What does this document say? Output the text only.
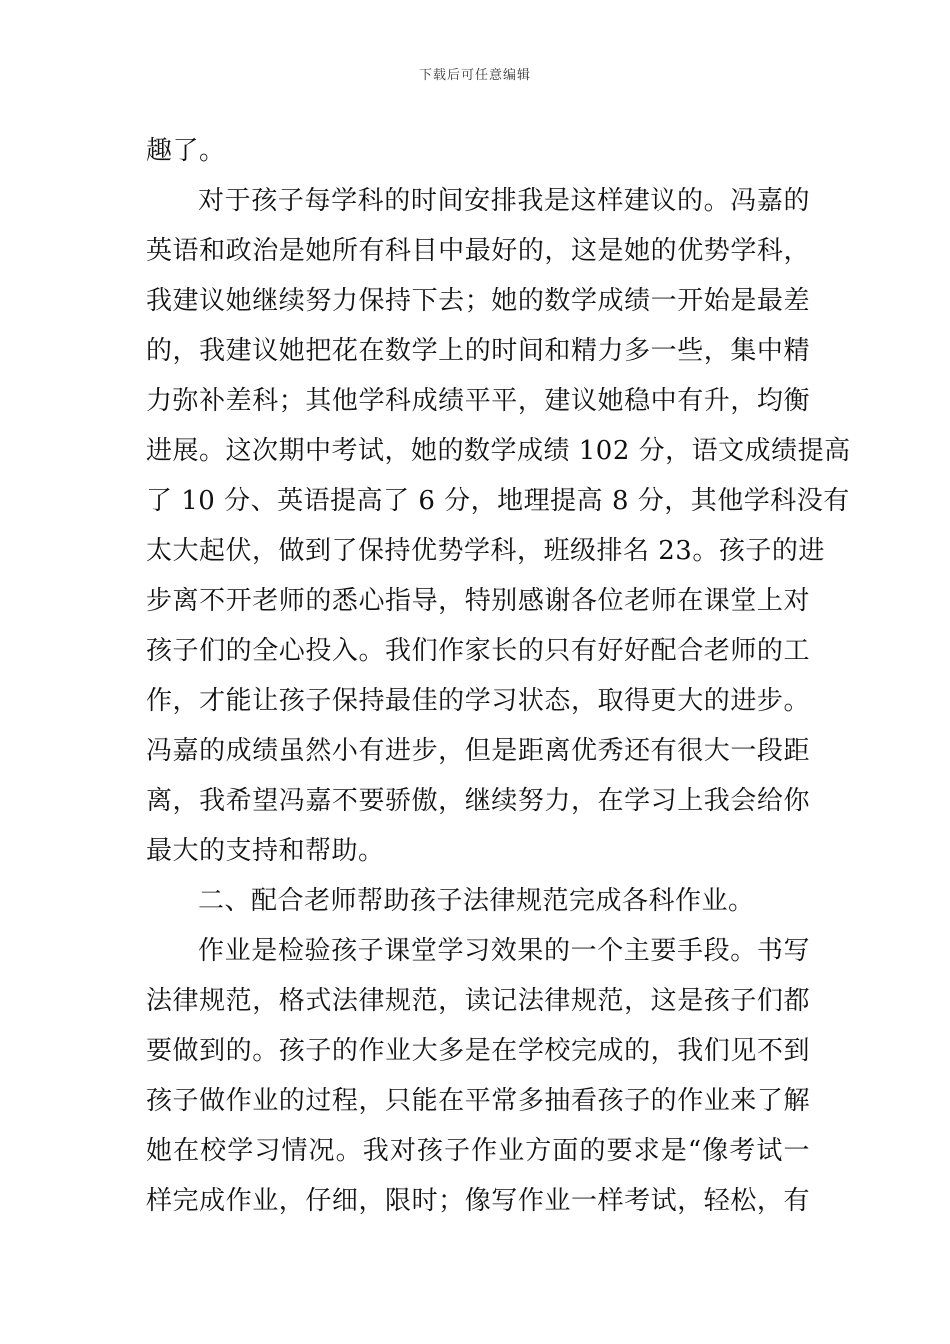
下载后可任意编辑
趣了。
对于孩子每学科的时间安排我是这样建议的。冯嘉的
英语和政治是她所有科目中最好的，这是她的优势学科，
我建议她继续努力保持下去；她的数学成绩一开始是最差
的，我建议她把花在数学上的时间和精力多一些，集中精
力弥补差科；其他学科成绩平平，建议她稳中有升，均衡
进展。这次期中考试，她的数学成绩 102 分，语文成绩提高
了 10 分、英语提高了 6 分，地理提高 8 分，其他学科没有
太大起伏，做到了保持优势学科，班级排名 23。孩子的进
步离不开老师的悉心指导，特别感谢各位老师在课堂上对
孩子们的全心投入。我们作家长的只有好好配合老师的工
作，才能让孩子保持最佳的学习状态，取得更大的进步。
冯嘉的成绩虽然小有进步，但是距离优秀还有很大一段距
离，我希望冯嘉不要骄傲，继续努力，在学习上我会给你
最大的支持和帮助。
二、配合老师帮助孩子法律规范完成各科作业。
作业是检验孩子课堂学习效果的一个主要手段。书写
法律规范，格式法律规范，读记法律规范，这是孩子们都
要做到的。孩子的作业大多是在学校完成的，我们见不到
孩子做作业的过程，只能在平常多抽看孩子的作业来了解
她在校学习情况。我对孩子作业方面的要求是“像考试一
样完成作业，仔细，限时；像写作业一样考试，轻松，有
